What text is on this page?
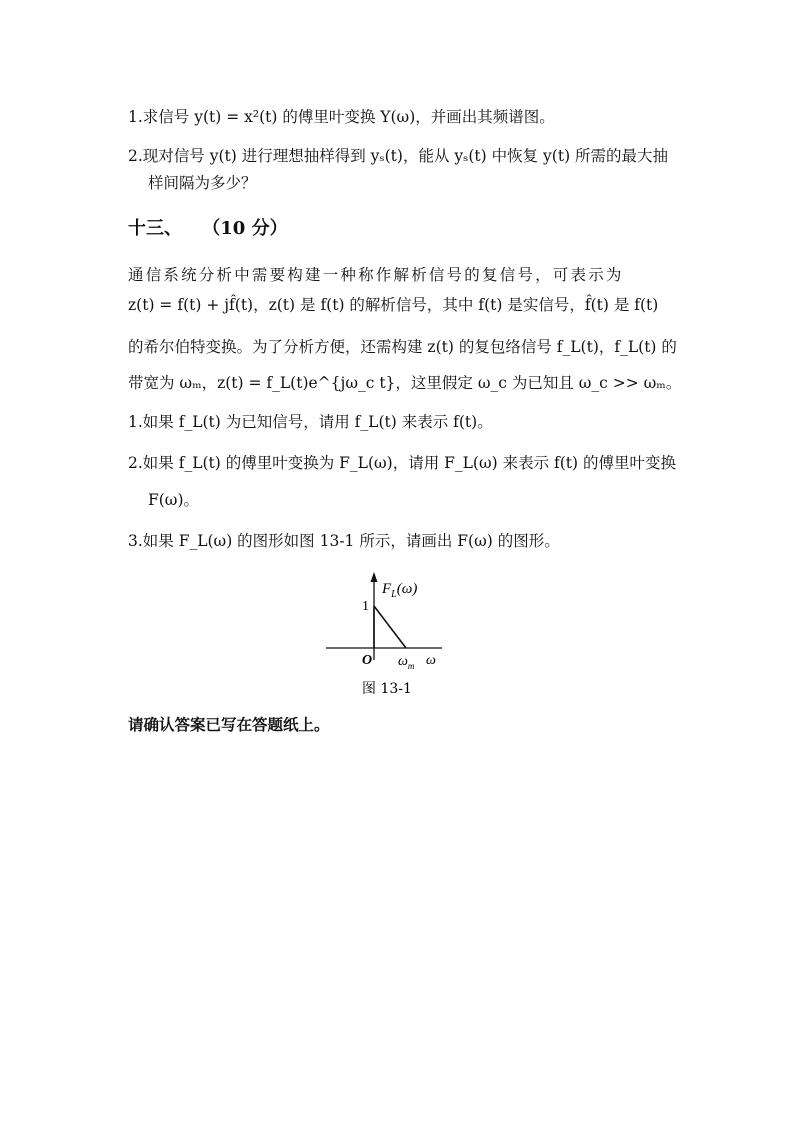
1.求信号 y(t) = x²(t) 的傅里叶变换 Y(ω)，并画出其频谱图。
2.现对信号 y(t) 进行理想抽样得到 yₛ(t)，能从 yₛ(t) 中恢复 y(t) 所需的最大抽
样间隔为多少？
十三、 （10 分）
通信系统分析中需要构建一种称作解析信号的复信号，可表示为
z(t) = f(t) + jf̂(t)，z(t) 是 f(t) 的解析信号，其中 f(t) 是实信号，f̂(t) 是 f(t)
的希尔伯特变换。为了分析方便，还需构建 z(t) 的复包络信号 f_L(t)，f_L(t) 的
带宽为 ωₘ，z(t) = f_L(t)e^{jω_c t}，这里假定 ω_c 为已知且 ω_c >> ωₘ。
1.如果 f_L(t) 为已知信号，请用 f_L(t) 来表示 f(t)。
2.如果 f_L(t) 的傅里叶变换为 F_L(ω)，请用 F_L(ω) 来表示 f(t) 的傅里叶变换
F(ω)。
3.如果 F_L(ω) 的图形如图 13-1 所示，请画出 F(ω) 的图形。
$F_L(\omega)$
1
O $\omega_m$ ω
图 13-1
请确认答案已写在答题纸上。
